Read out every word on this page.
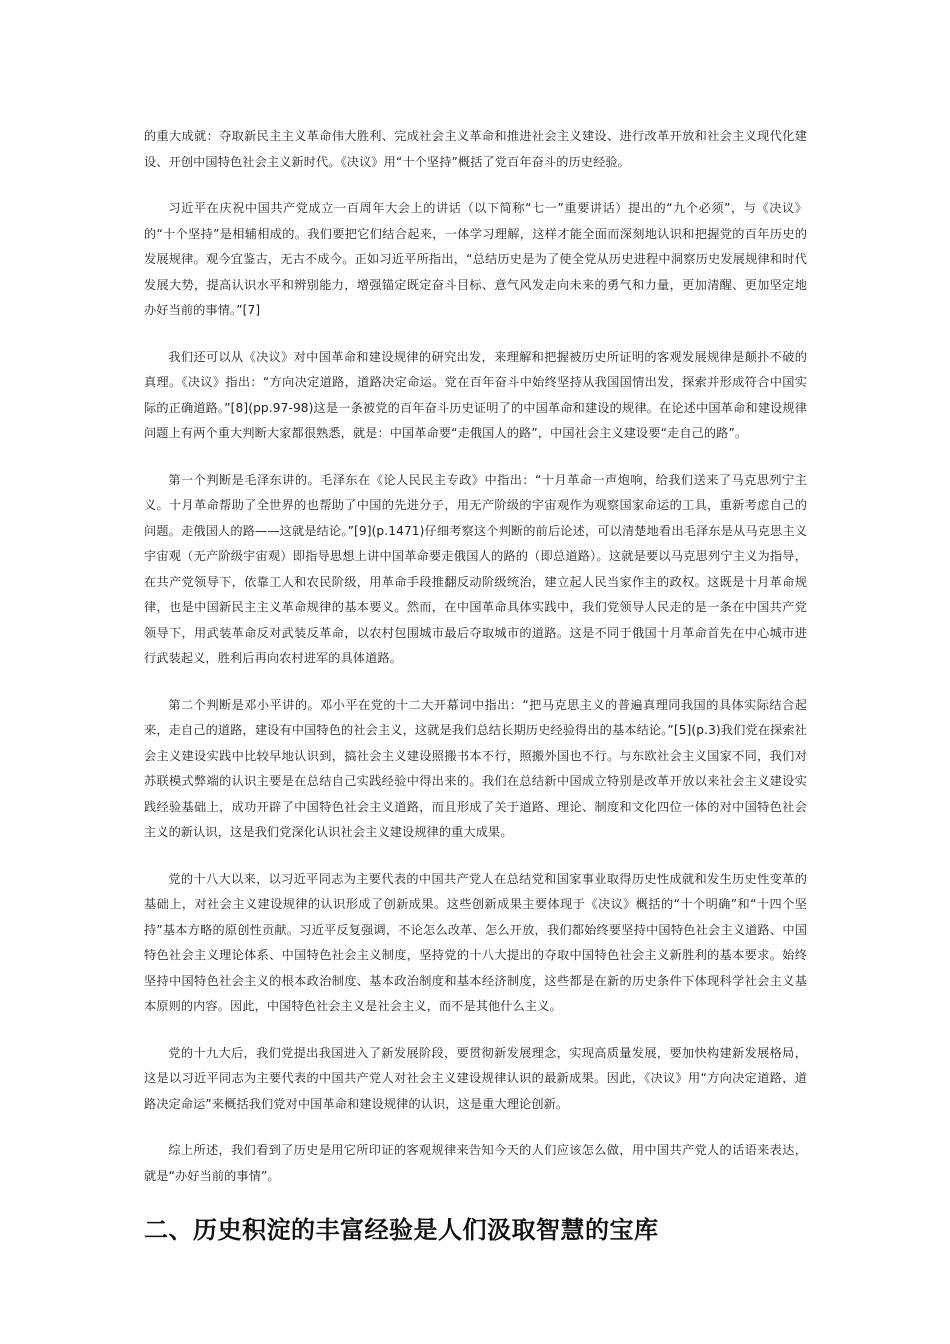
的重大成就：夺取新民主主义革命伟大胜利、完成社会主义革命和推进社会主义建设、进行改革开放和社会主义现代化建设、开创中国特色社会主义新时代。《决议》用“十个坚持”概括了党百年奋斗的历史经验。

习近平在庆祝中国共产党成立一百周年大会上的讲话（以下简称“七一”重要讲话）提出的“九个必须”，与《决议》的“十个坚持”是相辅相成的。我们要把它们结合起来，一体学习理解，这样才能全面而深刻地认识和把握党的百年历史的发展规律。观今宜鉴古，无古不成今。正如习近平所指出，“总结历史是为了使全党从历史进程中洞察历史发展规律和时代发展大势，提高认识水平和辨别能力，增强锚定既定奋斗目标、意气风发走向未来的勇气和力量，更加清醒、更加坚定地办好当前的事情。”[7]

我们还可以从《决议》对中国革命和建设规律的研究出发，来理解和把握被历史所证明的客观发展规律是颠扑不破的真理。《决议》指出：“方向决定道路，道路决定命运。党在百年奋斗中始终坚持从我国国情出发，探索并形成符合中国实际的正确道路。”[8](pp.97-98)这是一条被党的百年奋斗历史证明了的中国革命和建设的规律。在论述中国革命和建设规律问题上有两个重大判断大家都很熟悉，就是：中国革命要“走俄国人的路”，中国社会主义建设要“走自己的路”。

第一个判断是毛泽东讲的。毛泽东在《论人民民主专政》中指出：“十月革命一声炮响，给我们送来了马克思列宁主义。十月革命帮助了全世界的也帮助了中国的先进分子，用无产阶级的宇宙观作为观察国家命运的工具，重新考虑自己的问题。走俄国人的路——这就是结论。”[9](p.1471)仔细考察这个判断的前后论述，可以清楚地看出毛泽东是从马克思主义宇宙观（无产阶级宇宙观）即指导思想上讲中国革命要走俄国人的路的（即总道路）。这就是要以马克思列宁主义为指导，在共产党领导下，依靠工人和农民阶级，用革命手段推翻反动阶级统治，建立起人民当家作主的政权。这既是十月革命规律，也是中国新民主主义革命规律的基本要义。然而，在中国革命具体实践中，我们党领导人民走的是一条在中国共产党领导下，用武装革命反对武装反革命，以农村包围城市最后夺取城市的道路。这是不同于俄国十月革命首先在中心城市进行武装起义，胜利后再向农村进军的具体道路。

第二个判断是邓小平讲的。邓小平在党的十二大开幕词中指出：“把马克思主义的普遍真理同我国的具体实际结合起来，走自己的道路，建设有中国特色的社会主义，这就是我们总结长期历史经验得出的基本结论。”[5](p.3)我们党在探索社会主义建设实践中比较早地认识到，搞社会主义建设照搬书本不行，照搬外国也不行。与东欧社会主义国家不同，我们对苏联模式弊端的认识主要是在总结自己实践经验中得出来的。我们在总结新中国成立特别是改革开放以来社会主义建设实践经验基础上，成功开辟了中国特色社会主义道路，而且形成了关于道路、理论、制度和文化四位一体的对中国特色社会主义的新认识，这是我们党深化认识社会主义建设规律的重大成果。

党的十八大以来，以习近平同志为主要代表的中国共产党人在总结党和国家事业取得历史性成就和发生历史性变革的基础上，对社会主义建设规律的认识形成了创新成果。这些创新成果主要体现于《决议》概括的“十个明确”和“十四个坚持”基本方略的原创性贡献。习近平反复强调，不论怎么改革、怎么开放，我们都始终要坚持中国特色社会主义道路、中国特色社会主义理论体系、中国特色社会主义制度，坚持党的十八大提出的夺取中国特色社会主义新胜利的基本要求。始终坚持中国特色社会主义的根本政治制度、基本政治制度和基本经济制度，这些都是在新的历史条件下体现科学社会主义基本原则的内容。因此，中国特色社会主义是社会主义，而不是其他什么主义。

党的十九大后，我们党提出我国进入了新发展阶段，要贯彻新发展理念，实现高质量发展，要加快构建新发展格局，这是以习近平同志为主要代表的中国共产党人对社会主义建设规律认识的最新成果。因此，《决议》用“方向决定道路，道路决定命运”来概括我们党对中国革命和建设规律的认识，这是重大理论创新。

综上所述，我们看到了历史是用它所印证的客观规律来告知今天的人们应该怎么做，用中国共产党人的话语来表达，就是“办好当前的事情”。

二、历史积淀的丰富经验是人们汲取智慧的宝库
